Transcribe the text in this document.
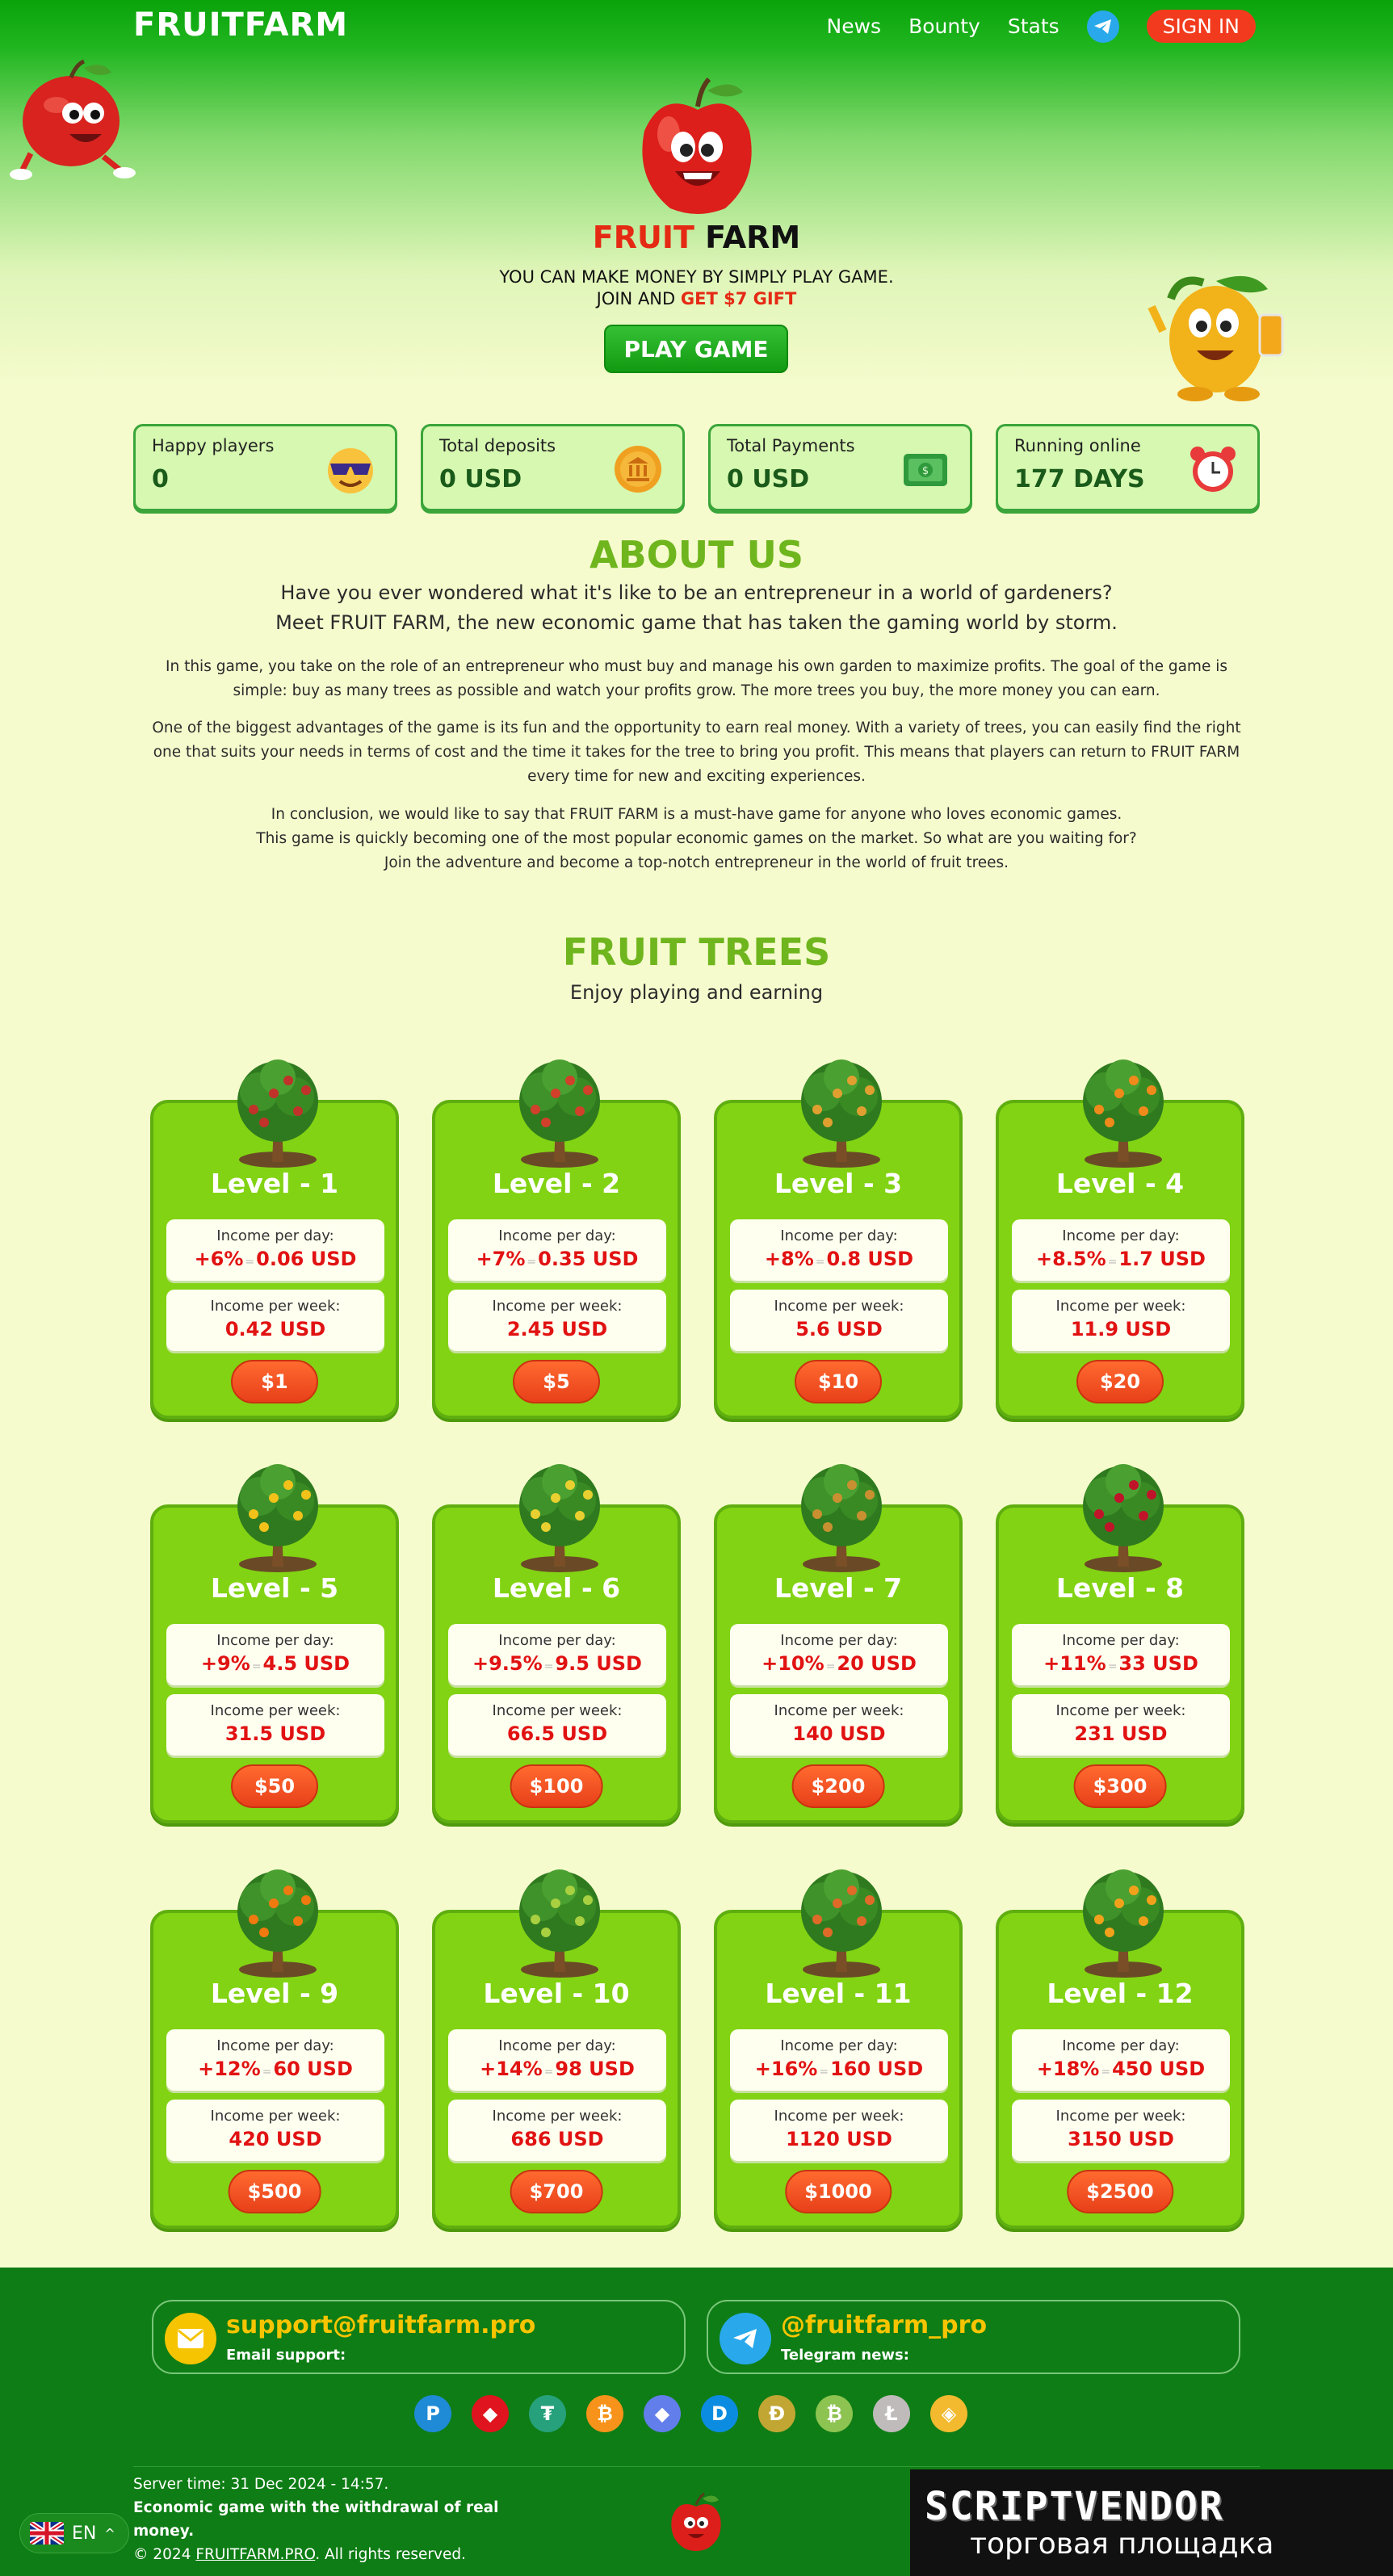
FRUITFARM	News Bounty Stats	SIGN IN
FRUIT FARM
YOU CAN MAKE MONEY BY SIMPLY PLAY GAME.
JOIN AND GET $7 GIFT
PLAY GAME
Happy players
0
Total deposits
0 USD
Total Payments
0 USD	$
Running online
177 DAYS
ABOUT US
Have you ever wondered what it's like to be an entrepreneur in a world of gardeners?
Meet FRUIT FARM, the new economic game that has taken the gaming world by storm.
In this game, you take on the role of an entrepreneur who must buy and manage his own garden to maximize profits. The goal of the game is simple: buy as many trees as possible and watch your profits grow. The more trees you buy, the more money you can earn.
One of the biggest advantages of the game is its fun and the opportunity to earn real money. With a variety of trees, you can easily find the right one that suits your needs in terms of cost and the time it takes for the tree to bring you profit. This means that players can return to FRUIT FARM every time for new and exciting experiences.
In conclusion, we would like to say that FRUIT FARM is a must-have game for anyone who loves economic games.
This game is quickly becoming one of the most popular economic games on the market. So what are you waiting for?
Join the adventure and become a top-notch entrepreneur in the world of fruit trees.
FRUIT TREES
Enjoy playing and earning
Level - 1
Income per day:
+6% =0.06 USD
Income per week:
0.42 USD
$1
Level - 2
Income per day:
+7% =0.35 USD
Income per week:
2.45 USD
$5
Level - 3
Income per day:
+8% =0.8 USD
Income per week:
5.6 USD
$10
Level - 4
Income per day:
+8.5% =1.7 USD
Income per week:
11.9 USD
$20
Level - 5
Income per day:
+9% =4.5 USD
Income per week:
31.5 USD
$50
Level - 6
Income per day:
+9.5% =9.5 USD
Income per week:
66.5 USD
$100
Level - 7
Income per day:
+10% =20 USD
Income per week:
140 USD
$200
Level - 8
Income per day:
+11% =33 USD
Income per week:
231 USD
$300
Level - 9
Income per day:
+12% =60 USD
Income per week:
420 USD
$500
Level - 10
Income per day:
+14% =98 USD
Income per week:
686 USD
$700
Level - 11
Income per day:
+16% =160 USD
Income per week:
1120 USD
$1000
Level - 12
Income per day:
+18% =450 USD
Income per week:
3150 USD
$2500
support@fruitfarm.pro
Email support:
@fruitfarm_pro
Telegram news:
P	◆	₮	₿	◆	D	Ð	₿	Ł	◈
Server time: 31 Dec 2024 - 14:57.
Economic game with the withdrawal of real
money.
© 2024 FRUITFARM.PRO. All rights reserved.
SCRIPTVENDOR
торговая площадка
EN ^
